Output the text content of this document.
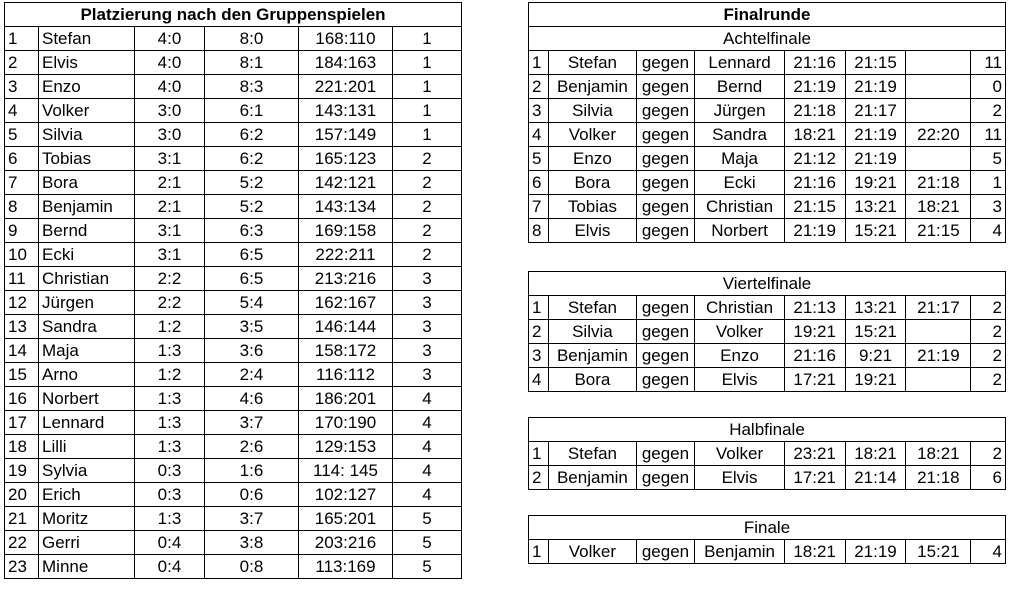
Platzierung nach den Gruppenspielen					
1	Stefan	4:0	8:0	168:110	1
2	Elvis	4:0	8:1	184:163	1
3	Enzo	4:0	8:3	221:201	1
4	Volker	3:0	6:1	143:131	1
5	Silvia	3:0	6:2	157:149	1
6	Tobias	3:1	6:2	165:123	2
7	Bora	2:1	5:2	142:121	2
8	Benjamin	2:1	5:2	143:134	2
9	Bernd	3:1	6:3	169:158	2
10	Ecki	3:1	6:5	222:211	2
11	Christian	2:2	6:5	213:216	3
12	Jürgen	2:2	5:4	162:167	3
13	Sandra	1:2	3:5	146:144	3
14	Maja	1:3	3:6	158:172	3
15	Arno	1:2	2:4	116:112	3
16	Norbert	1:3	4:6	186:201	4
17	Lennard	1:3	3:7	170:190	4
18	Lilli	1:3	2:6	129:153	4
19	Sylvia	0:3	1:6	114: 145	4
20	Erich	0:3	0:6	102:127	4
21	Moritz	1:3	3:7	165:201	5
22	Gerri	0:4	3:8	203:216	5
23	Minne	0:4	0:8	113:169	5
Finalrunde							
Achtelfinale							
1	Stefan	gegen	Lennard	21:16	21:15		11
2	Benjamin	gegen	Bernd	21:19	21:19		0
3	Silvia	gegen	Jürgen	21:18	21:17		2
4	Volker	gegen	Sandra	18:21	21:19	22:20	11
5	Enzo	gegen	Maja	21:12	21:19		5
6	Bora	gegen	Ecki	21:16	19:21	21:18	1
7	Tobias	gegen	Christian	21:15	13:21	18:21	3
8	Elvis	gegen	Norbert	21:19	15:21	21:15	4
Viertelfinale							
1	Stefan	gegen	Christian	21:13	13:21	21:17	2
2	Silvia	gegen	Volker	19:21	15:21		2
3	Benjamin	gegen	Enzo	21:16	9:21	21:19	2
4	Bora	gegen	Elvis	17:21	19:21		2
Halbfinale							
1	Stefan	gegen	Volker	23:21	18:21	18:21	2
2	Benjamin	gegen	Elvis	17:21	21:14	21:18	6
Finale
1	Volker	gegen	Benjamin	18:21	21:19	15:21	4
